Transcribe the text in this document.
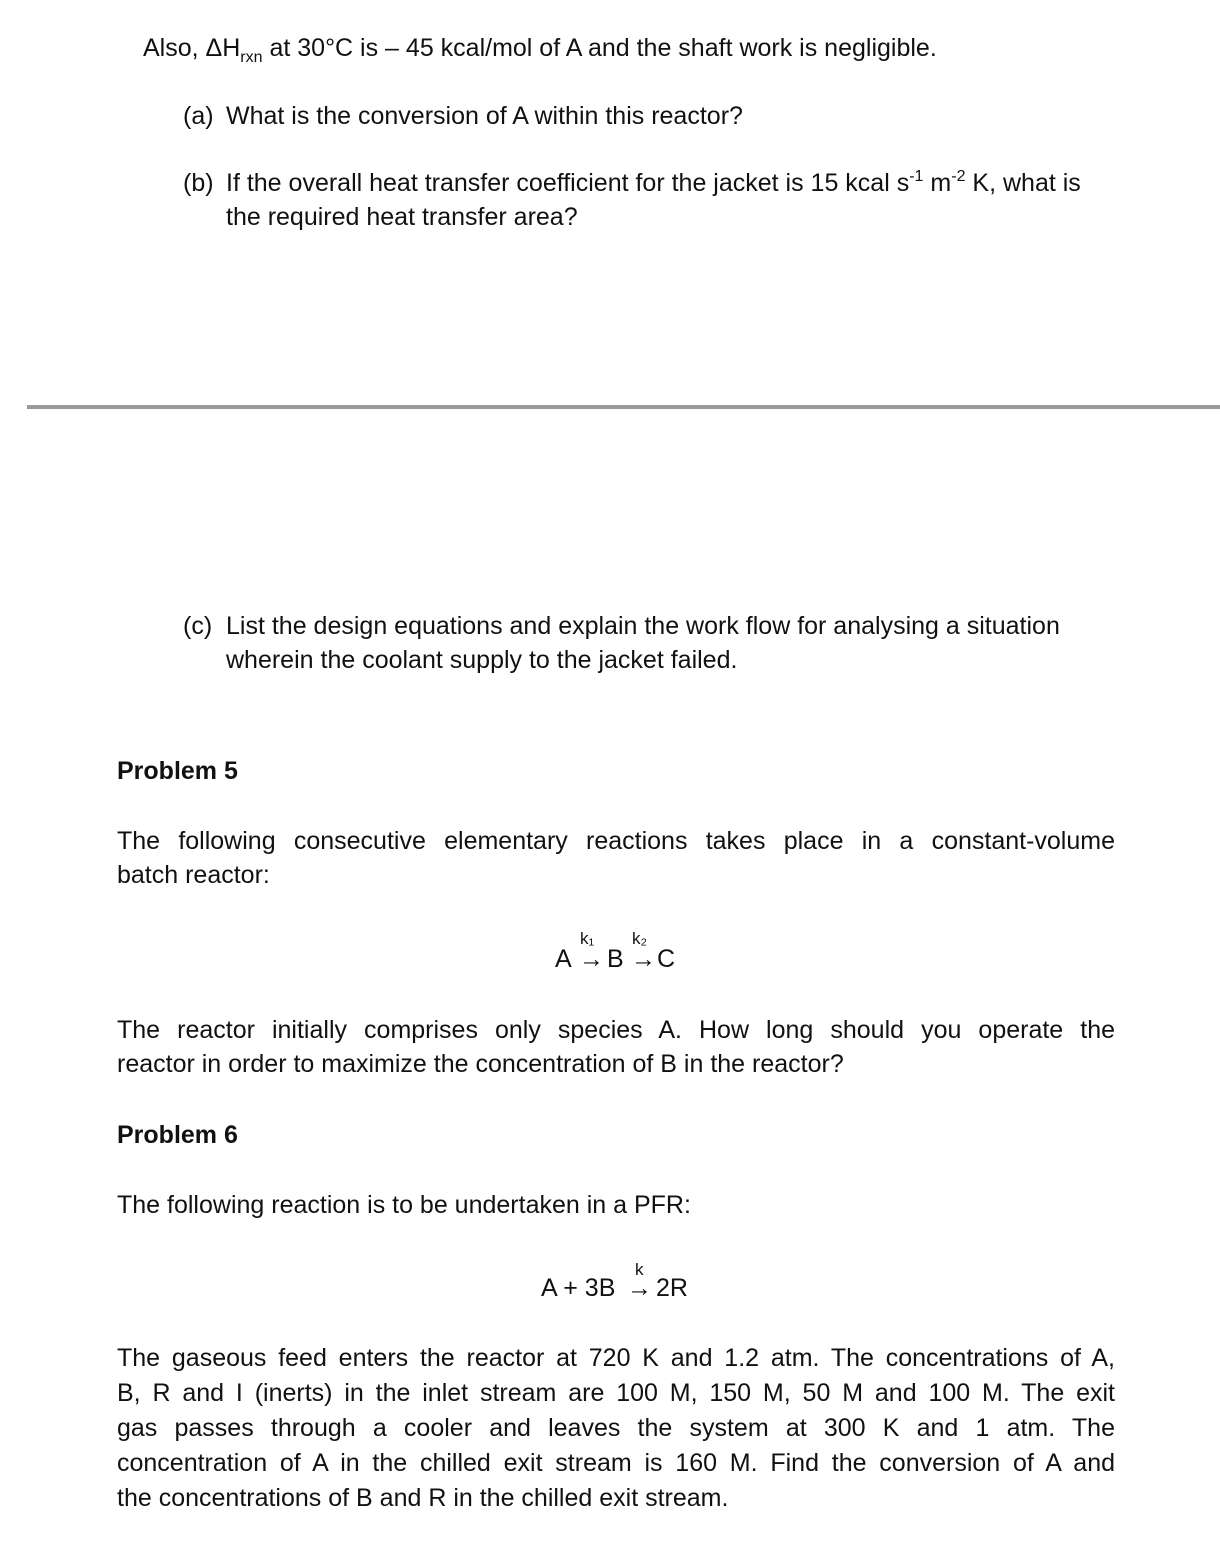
Also, $\Delta H_{rxn}$ at 30°C is – 45 kcal/mol of A and the shaft work is negligible.
(a) What is the conversion of A within this reactor?
(b) If the overall heat transfer coefficient for the jacket is 15 kcal $s^{-1}$ $m^{-2}$ K, what is
the required heat transfer area?
(c) List the design equations and explain the work flow for analysing a situation
wherein the coolant supply to the jacket failed.
Problem 5
The following consecutive elementary reactions takes place in a constant-volume
batch reactor:
k₁ k₂
A → B → C
The reactor initially comprises only species A. How long should you operate the
reactor in order to maximize the concentration of B in the reactor?
Problem 6
The following reaction is to be undertaken in a PFR:
A + 3B
k
→ 2R
The gaseous feed enters the reactor at 720 K and 1.2 atm. The concentrations of A,
B, R and I (inerts) in the inlet stream are 100 M, 150 M, 50 M and 100 M. The exit
gas passes through a cooler and leaves the system at 300 K and 1 atm. The
concentration of A in the chilled exit stream is 160 M. Find the conversion of A and
the concentrations of B and R in the chilled exit stream.
